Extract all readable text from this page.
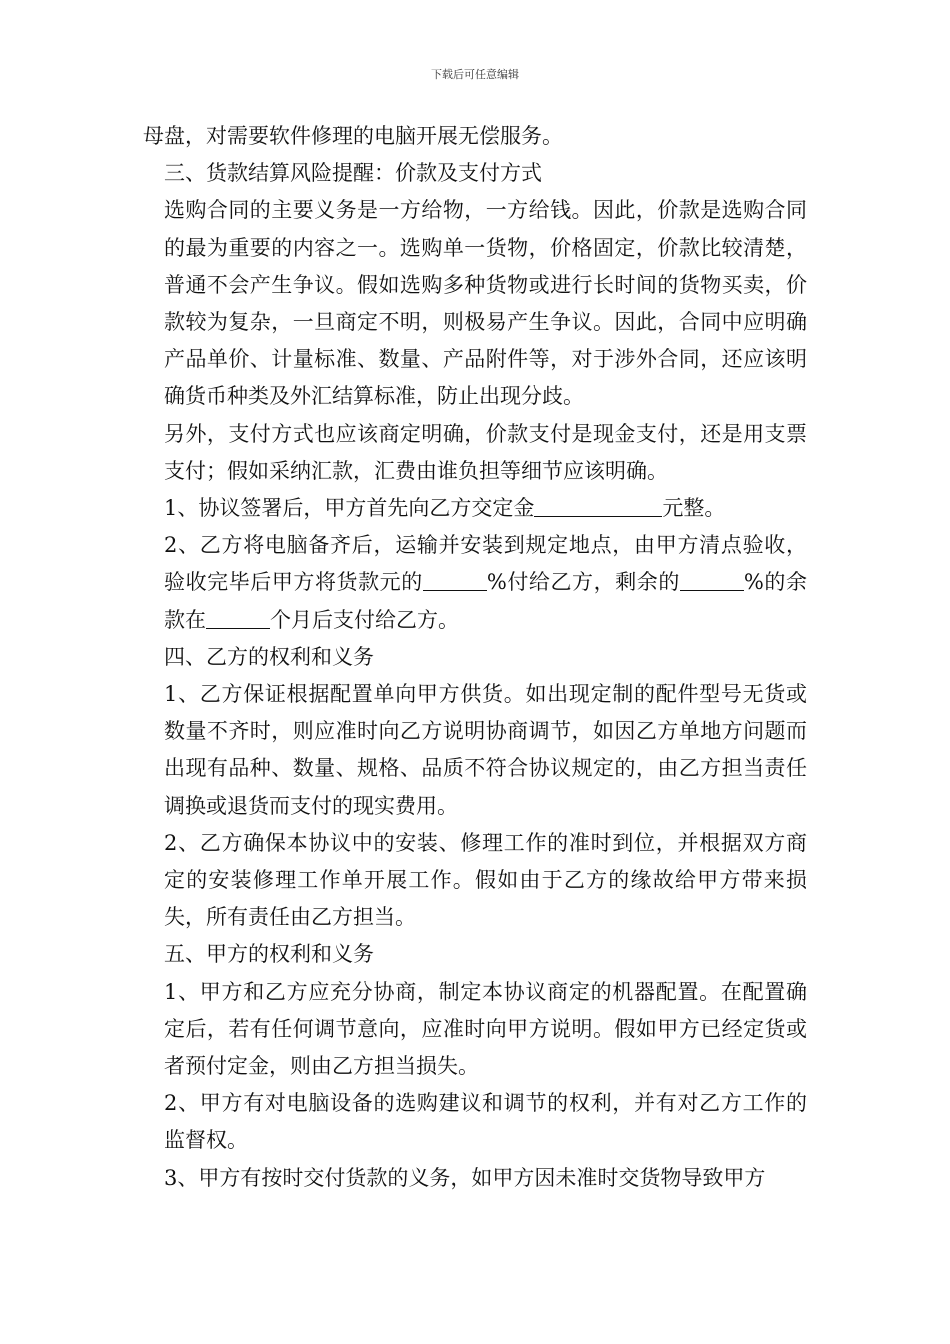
下载后可任意编辑

母盘，对需要软件修理的电脑开展无偿服务。

三、货款结算风险提醒：价款及支付方式

选购合同的主要义务是一方给物，一方给钱。因此，价款是选购合同的最为重要的内容之一。选购单一货物，价格固定，价款比较清楚，普通不会产生争议。假如选购多种货物或进行长时间的货物买卖，价款较为复杂，一旦商定不明，则极易产生争议。因此，合同中应明确产品单价、计量标准、数量、产品附件等，对于涉外合同，还应该明确货币种类及外汇结算标准，防止出现分歧。

另外，支付方式也应该商定明确，价款支付是现金支付，还是用支票支付；假如采纳汇款，汇费由谁负担等细节应该明确。

1、协议签署后，甲方首先向乙方交定金	元整。

2、乙方将电脑备齐后，运输并安装到规定地点，由甲方清点验收，验收完毕后甲方将货款元的	%付给乙方，剩余的	%的余款在	个月后支付给乙方。

四、乙方的权利和义务

1、乙方保证根据配置单向甲方供货。如出现定制的配件型号无货或数量不齐时，则应准时向乙方说明协商调节，如因乙方单地方问题而出现有品种、数量、规格、品质不符合协议规定的，由乙方担当责任调换或退货而支付的现实费用。

2、乙方确保本协议中的安装、修理工作的准时到位，并根据双方商定的安装修理工作单开展工作。假如由于乙方的缘故给甲方带来损失，所有责任由乙方担当。

五、甲方的权利和义务

1、甲方和乙方应充分协商，制定本协议商定的机器配置。在配置确定后，若有任何调节意向，应准时向甲方说明。假如甲方已经定货或者预付定金，则由乙方担当损失。

2、甲方有对电脑设备的选购建议和调节的权利，并有对乙方工作的监督权。

3、甲方有按时交付货款的义务，如甲方因未准时交货物导致甲方
